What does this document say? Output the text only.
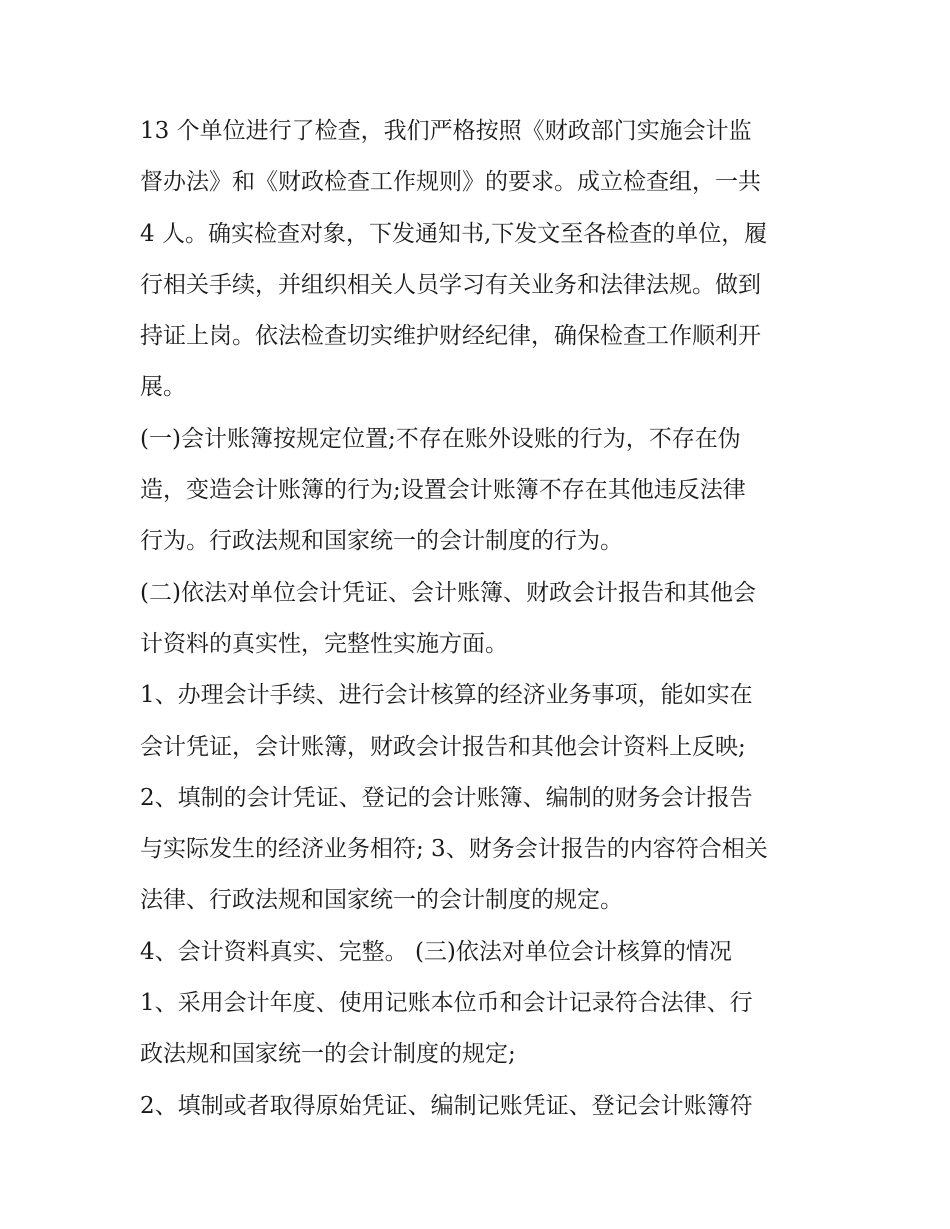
13 个单位进行了检查，我们严格按照《财政部门实施会计监
督办法》和《财政检查工作规则》的要求。成立检查组，一共
4 人。确实检查对象，下发通知书,下发文至各检查的单位，履
行相关手续，并组织相关人员学习有关业务和法律法规。做到
持证上岗。依法检查切实维护财经纪律，确保检查工作顺利开
展。
(一)会计账簿按规定位置;不存在账外设账的行为，不存在伪
造，变造会计账簿的行为;设置会计账簿不存在其他违反法律
行为。行政法规和国家统一的会计制度的行为。
(二)依法对单位会计凭证、会计账簿、财政会计报告和其他会
计资料的真实性，完整性实施方面。
1、办理会计手续、进行会计核算的经济业务事项，能如实在
会计凭证，会计账簿，财政会计报告和其他会计资料上反映;
2、填制的会计凭证、登记的会计账簿、编制的财务会计报告
与实际发生的经济业务相符; 3、财务会计报告的内容符合相关
法律、行政法规和国家统一的会计制度的规定。
4、会计资料真实、完整。 (三)依法对单位会计核算的情况
1、采用会计年度、使用记账本位币和会计记录符合法律、行
政法规和国家统一的会计制度的规定;
2、填制或者取得原始凭证、编制记账凭证、登记会计账簿符
